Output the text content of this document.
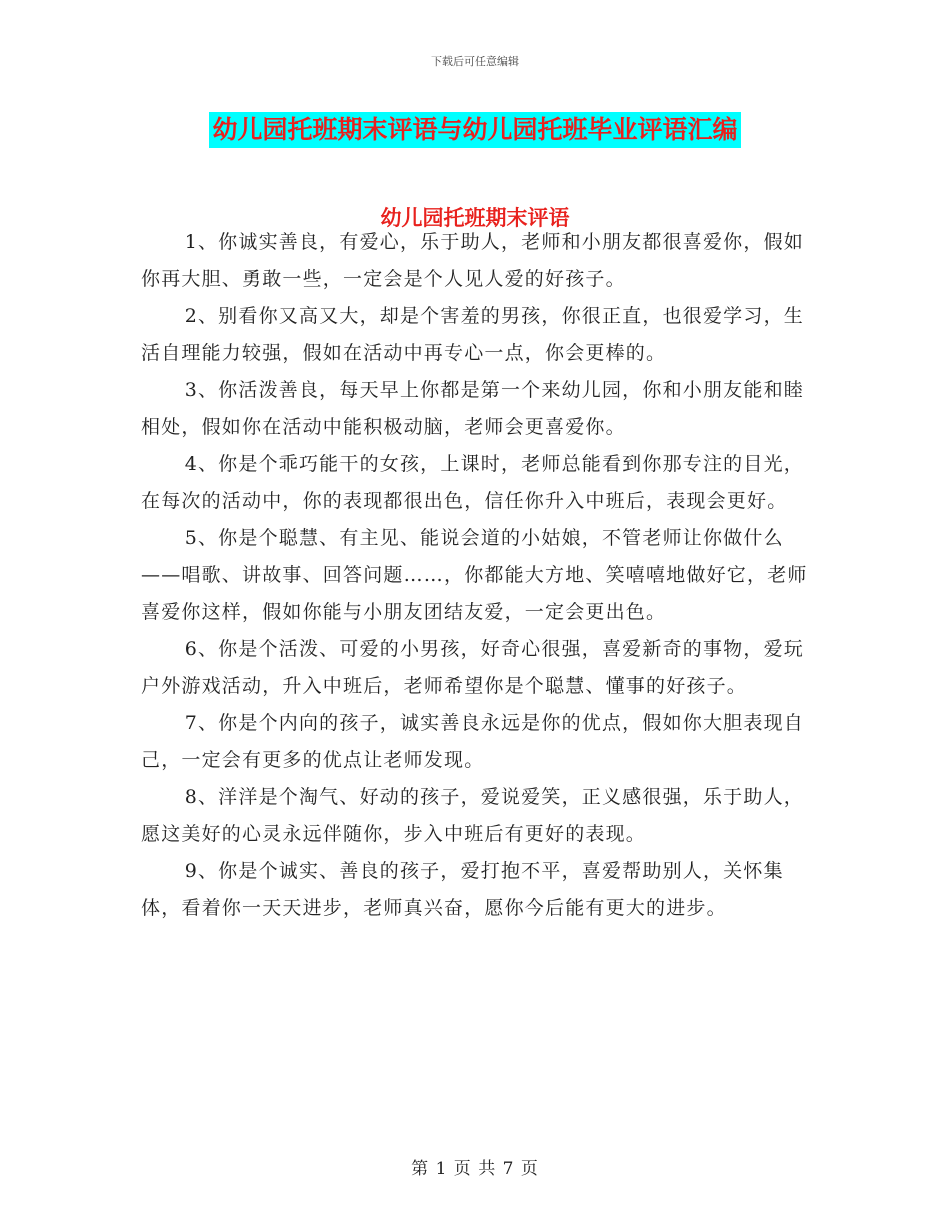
下载后可任意编辑
幼儿园托班期末评语与幼儿园托班毕业评语汇编
幼儿园托班期末评语

1、你诚实善良，有爱心，乐于助人，老师和小朋友都很喜爱你，假如你再大胆、勇敢一些，一定会是个人见人爱的好孩子。

2、别看你又高又大，却是个害羞的男孩，你很正直，也很爱学习，生活自理能力较强，假如在活动中再专心一点，你会更棒的。

3、你活泼善良，每天早上你都是第一个来幼儿园，你和小朋友能和睦相处，假如你在活动中能积极动脑，老师会更喜爱你。

4、你是个乖巧能干的女孩，上课时，老师总能看到你那专注的目光，在每次的活动中，你的表现都很出色，信任你升入中班后，表现会更好。

5、你是个聪慧、有主见、能说会道的小姑娘，不管老师让你做什么——唱歌、讲故事、回答问题……，你都能大方地、笑嘻嘻地做好它，老师喜爱你这样，假如你能与小朋友团结友爱，一定会更出色。

6、你是个活泼、可爱的小男孩，好奇心很强，喜爱新奇的事物，爱玩户外游戏活动，升入中班后，老师希望你是个聪慧、懂事的好孩子。

7、你是个内向的孩子，诚实善良永远是你的优点，假如你大胆表现自己，一定会有更多的优点让老师发现。

8、洋洋是个淘气、好动的孩子，爱说爱笑，正义感很强，乐于助人，愿这美好的心灵永远伴随你，步入中班后有更好的表现。

9、你是个诚实、善良的孩子，爱打抱不平，喜爱帮助别人，关怀集体，看着你一天天进步，老师真兴奋，愿你今后能有更大的进步。

第 1 页 共 7 页
